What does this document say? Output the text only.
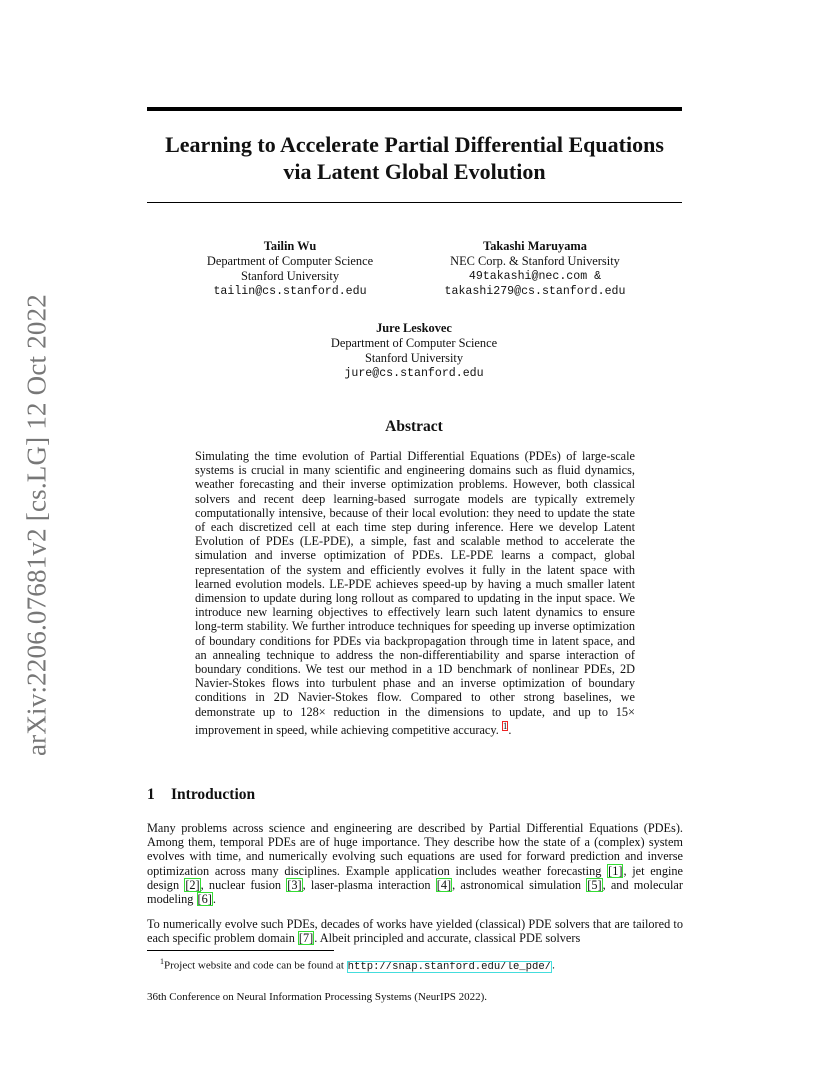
arXiv:2206.07681v2 [cs.LG] 12 Oct 2022
Learning to Accelerate Partial Differential Equations
via Latent Global Evolution
Tailin Wu
Department of Computer Science
Stanford University
tailin@cs.stanford.edu
Takashi Maruyama
NEC Corp. & Stanford University
49takashi@nec.com &
takashi279@cs.stanford.edu
Jure Leskovec
Department of Computer Science
Stanford University
jure@cs.stanford.edu
Abstract
Simulating the time evolution of Partial Differential Equations (PDEs) of large-scale systems is crucial in many scientific and engineering domains such as fluid dynamics, weather forecasting and their inverse optimization problems. However, both classical solvers and recent deep learning-based surrogate models are typically extremely computationally intensive, because of their local evolution: they need to update the state of each discretized cell at each time step during inference. Here we develop Latent Evolution of PDEs (LE-PDE), a simple, fast and scalable method to accelerate the simulation and inverse optimization of PDEs. LE-PDE learns a compact, global representation of the system and efficiently evolves it fully in the latent space with learned evolution models. LE-PDE achieves speed-up by having a much smaller latent dimension to update during long rollout as compared to updating in the input space. We introduce new learning objectives to effectively learn such latent dynamics to ensure long-term stability. We further introduce techniques for speeding up inverse optimization of boundary conditions for PDEs via backpropagation through time in latent space, and an annealing technique to address the non-differentiability and sparse interaction of boundary conditions. We test our method in a 1D benchmark of nonlinear PDEs, 2D Navier-Stokes flows into turbulent phase and an inverse optimization of boundary conditions in 2D Navier-Stokes flow. Compared to other strong baselines, we demonstrate up to 128× reduction in the dimensions to update, and up to 15× improvement in speed, while achieving competitive accuracy. $^1$.
1 Introduction
Many problems across science and engineering are described by Partial Differential Equations (PDEs). Among them, temporal PDEs are of huge importance. They describe how the state of a (complex) system evolves with time, and numerically evolving such equations are used for forward prediction and inverse optimization across many disciplines. Example application includes weather forecasting [1], jet engine design [2], nuclear fusion [3], laser-plasma interaction [4], astronomical simulation [5], and molecular modeling [6].
To numerically evolve such PDEs, decades of works have yielded (classical) PDE solvers that are tailored to each specific problem domain [7]. Albeit principled and accurate, classical PDE solvers
$^1$Project website and code can be found at http://snap.stanford.edu/le_pde/.
36th Conference on Neural Information Processing Systems (NeurIPS 2022).
